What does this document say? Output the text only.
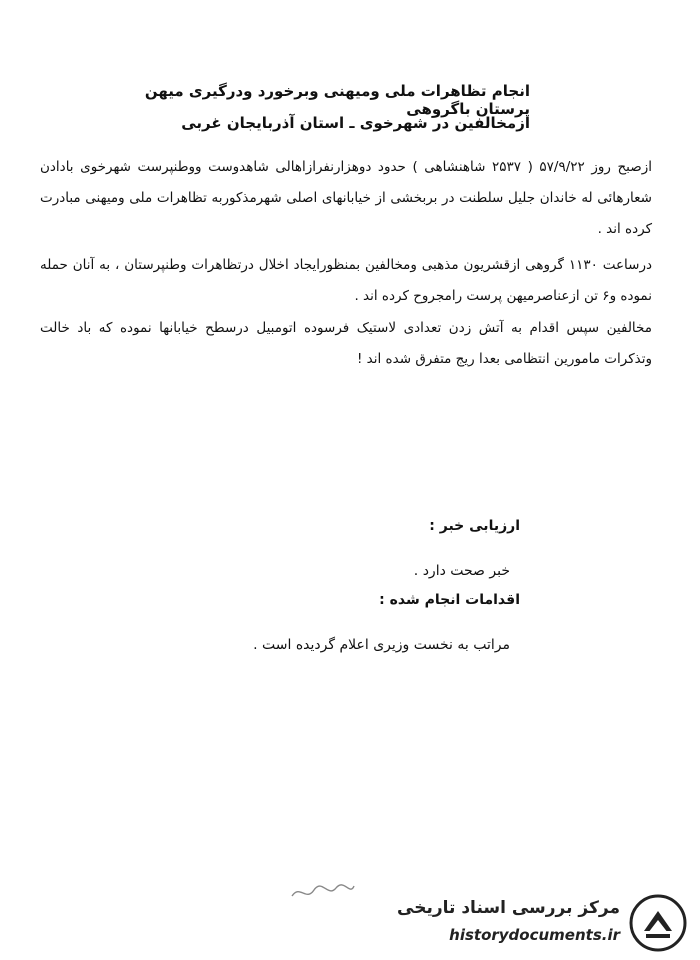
انجام تظاهرات ملی ومیهنی وبرخورد ودرگیری میهن پرستان باگروهی
ازمخالفین در شهرخوی ـ استان آذربایجان غربی
ازصبح روز ۵۷/۹/۲۲ ( ۲۵۳۷ شاهنشاهی ) حدود دوهزارنفرازاهالی شاهدوست ووطنپرست شهرخوی بادادن شعارهائی له خاندان جلیل سلطنت در بربخشی از خیابانهای اصلی شهرمذکوربه تظاهرات ملی ومیهنی مبادرت کرده اند .
درساعت ۱۱۳۰ گروهی ازقشریون مذهبی ومخالفین بمنظورایجاد اخلال درتظاهرات وطنپرستان ، به آنان حمله نموده و۶ تن ازعناصرمیهن پرست رامجروح کرده اند .
مخالفین سپس اقدام به آتش زدن تعدادی لاستیک فرسوده اتومبیل درسطح خیابانها نموده که باد خالت وتذکرات مامورین انتظامی بعدا ریج متفرق شده اند !
ارزیابی خبر :
خبر صحت دارد .
اقدامات انجام شده :
مراتب به نخست وزیری اعلام گردیده است .
مرکز بررسی اسناد تاریخی
historydocuments.ir
